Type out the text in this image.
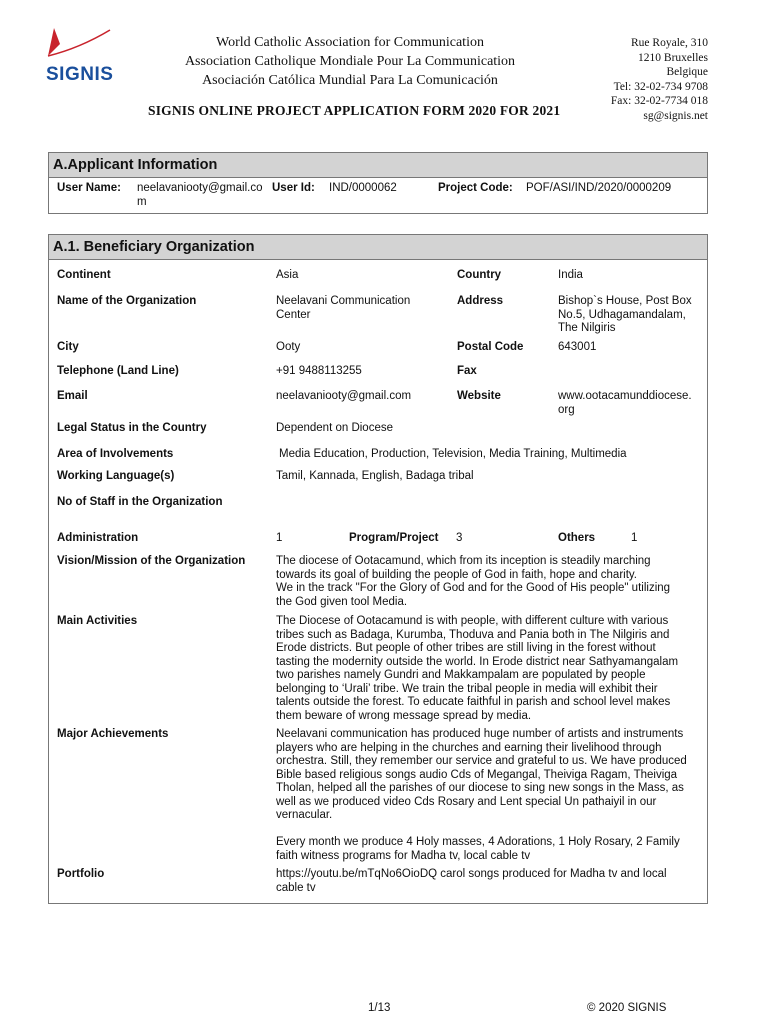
SIGNIS
World Catholic Association for Communication
Association Catholique Mondiale Pour La Communication
Asociación Católica Mundial Para La Comunicación
Rue Royale, 310
1210 Bruxelles
Belgique
Tel: 32-02-734 9708
Fax: 32-02-7734 018
sg@signis.net
SIGNIS ONLINE PROJECT APPLICATION FORM 2020 FOR 2021
A.Applicant Information
User Name: neelavaniooty@gmail.co
m
User Id: IND/0000062	Project Code: POF/ASI/IND/2020/0000209
A.1. Beneficiary Organization
Continent	Asia	Country	India
Name of the Organization	Neelavani Communication
Center
Address	Bishop`s House, Post Box
No.5, Udhagamandalam,
The Nilgiris
City	Ooty	Postal Code	643001
Telephone (Land Line)	+91 9488113255	Fax
Email	neelavaniooty@gmail.com	Website	www.ootacamunddiocese.
org
Legal Status in the Country	Dependent on Diocese
Area of Involvements	Media Education, Production, Television, Media Training, Multimedia
Working Language(s)	Tamil, Kannada, English, Badaga tribal
No of Staff in the Organization
Administration	1	Program/Project 3	Others	1
Vision/Mission of the Organization	The diocese of Ootacamund, which from its inception is steadily marching
towards its goal of building the people of God in faith, hope and charity.
We in the track "For the Glory of God and for the Good of His people" utilizing
the God given tool Media.
Main Activities	The Diocese of Ootacamund is with people, with different culture with various
tribes such as Badaga, Kurumba, Thoduva and Pania both in The Nilgiris and
Erode districts. But people of other tribes are still living in the forest without
tasting the modernity outside the world. In Erode district near Sathyamangalam
two parishes namely Gundri and Makkampalam are populated by people
belonging to ‘Urali’ tribe. We train the tribal people in media will exhibit their
talents outside the forest. To educate faithful in parish and school level makes
them beware of wrong message spread by media.
Major Achievements	Neelavani communication has produced huge number of artists and instruments
players who are helping in the churches and earning their livelihood through
orchestra. Still, they remember our service and grateful to us. We have produced
Bible based religious songs audio Cds of Megangal, Theiviga Ragam, Theiviga
Tholan, helped all the parishes of our diocese to sing new songs in the Mass, as
well as we produced video Cds Rosary and Lent special Un pathaiyil in our
vernacular.
Every month we produce 4 Holy masses, 4 Adorations, 1 Holy Rosary, 2 Family
faith witness programs for Madha tv, local cable tv
Portfolio	https://youtu.be/mTqNo6OioDQ carol songs produced for Madha tv and local
cable tv
1/13	© 2020 SIGNIS
